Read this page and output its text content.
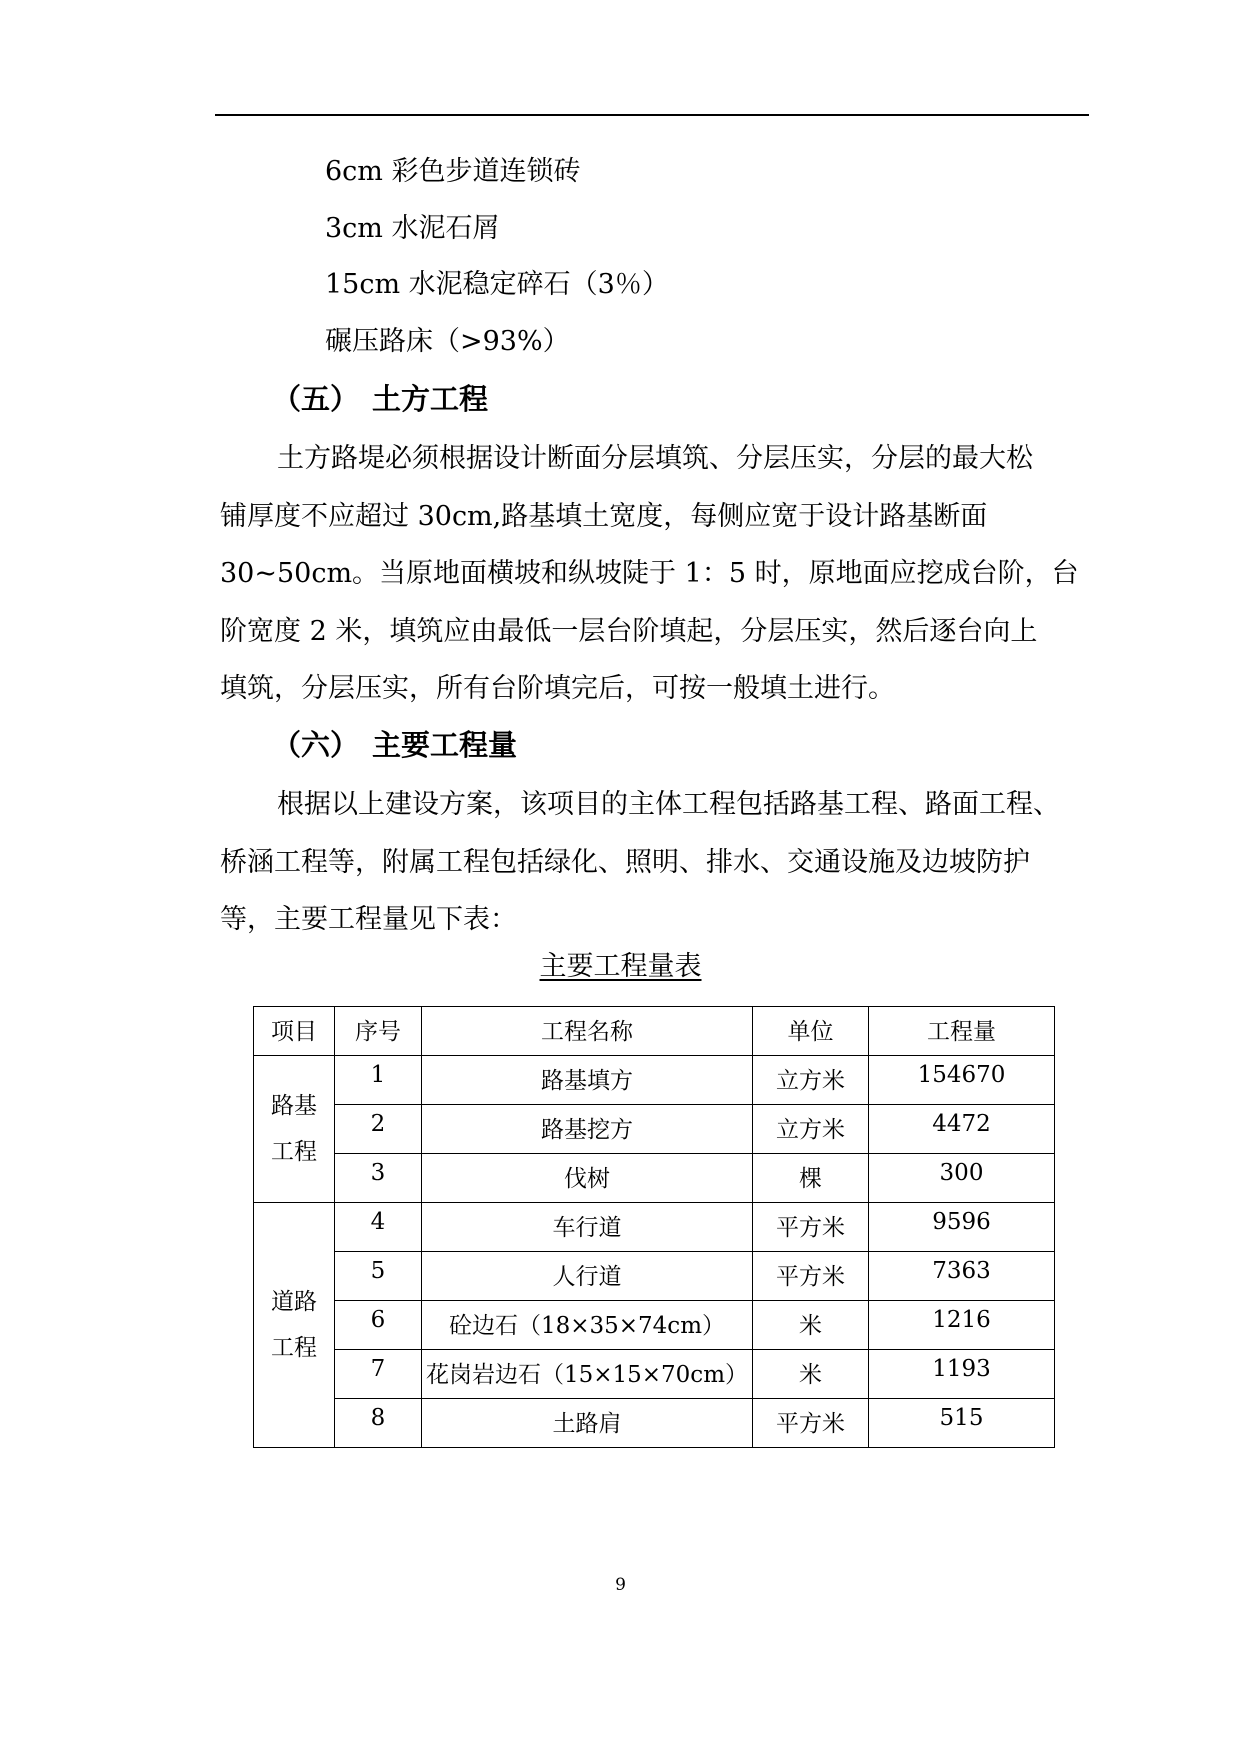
6cm 彩色步道连锁砖
3cm 水泥石屑
15cm 水泥稳定碎石（3％）
碾压路床（>93%）
（五） 土方工程
土方路堤必须根据设计断面分层填筑、分层压实，分层的最大松
铺厚度不应超过 30cm,路基填土宽度，每侧应宽于设计路基断面
30~50cm。当原地面横坡和纵坡陡于 1：5 时，原地面应挖成台阶，台
阶宽度 2 米，填筑应由最低一层台阶填起，分层压实，然后逐台向上
填筑，分层压实，所有台阶填完后，可按一般填土进行。
（六） 主要工程量
根据以上建设方案，该项目的主体工程包括路基工程、路面工程、
桥涵工程等，附属工程包括绿化、照明、排水、交通设施及边坡防护
等，主要工程量见下表：
主要工程量表
项目	序号	工程名称	单位	工程量
路基
工程	1	路基填方	立方米	154670
	2	路基挖方	立方米	4472
	3	伐树	棵	300
道路
工程	4	车行道	平方米	9596
	5	人行道	平方米	7363
	6	砼边石（18×35×74cm）	米	1216
	7	花岗岩边石（15×15×70cm）	米	1193
	8	土路肩	平方米	515
9
